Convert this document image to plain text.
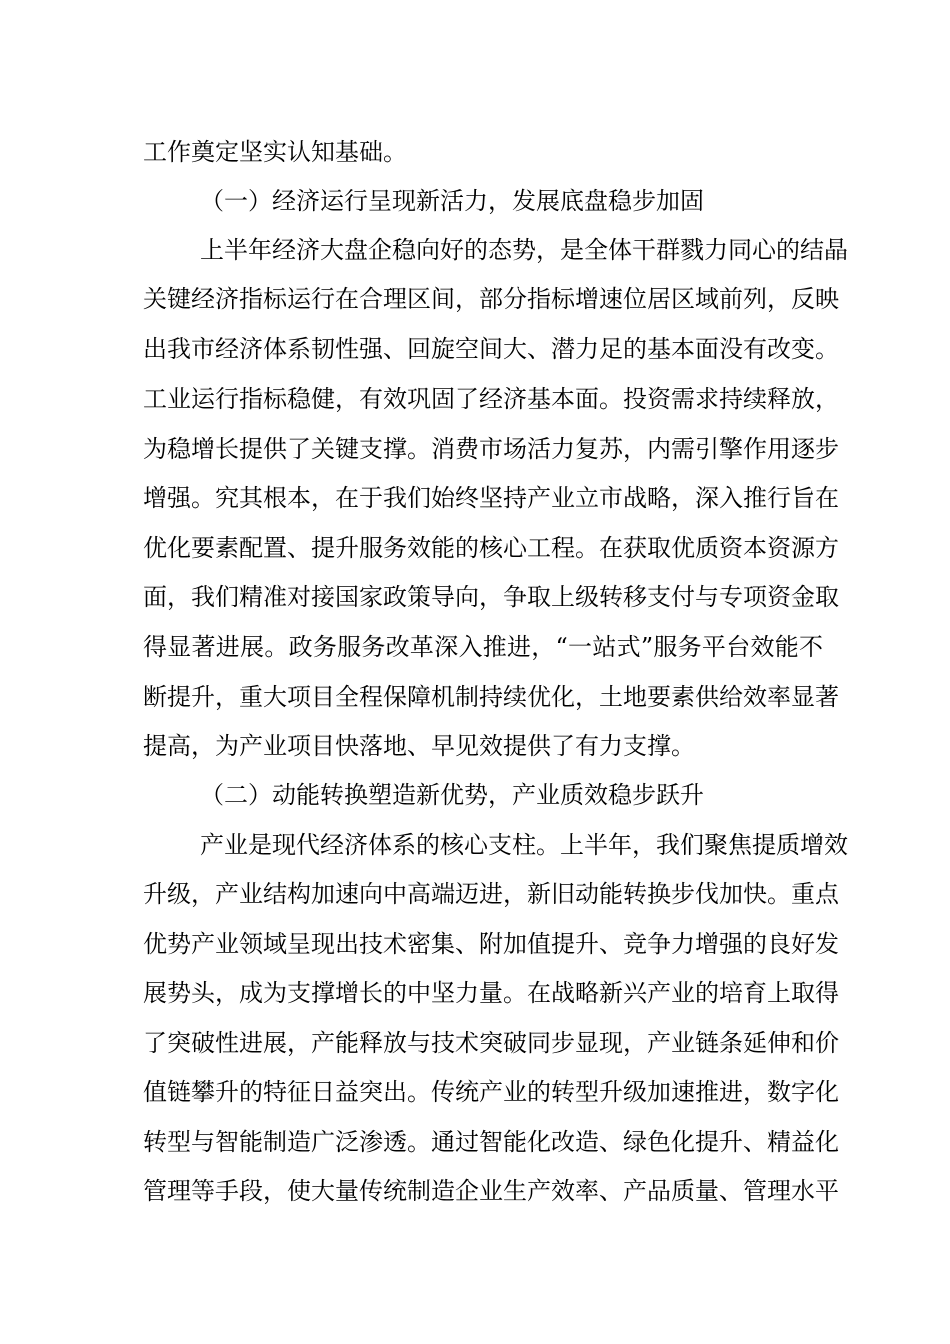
工作奠定坚实认知基础。

（一）经济运行呈现新活力，发展底盘稳步加固

上半年经济大盘企稳向好的态势，是全体干群戮力同心的结晶

关键经济指标运行在合理区间，部分指标增速位居区域前列，反映

出我市经济体系韧性强、回旋空间大、潜力足的基本面没有改变。

工业运行指标稳健，有效巩固了经济基本面。投资需求持续释放，

为稳增长提供了关键支撑。消费市场活力复苏，内需引擎作用逐步

增强。究其根本，在于我们始终坚持产业立市战略，深入推行旨在

优化要素配置、提升服务效能的核心工程。在获取优质资本资源方

面，我们精准对接国家政策导向，争取上级转移支付与专项资金取

得显著进展。政务服务改革深入推进，“一站式”服务平台效能不

断提升，重大项目全程保障机制持续优化，土地要素供给效率显著

提高，为产业项目快落地、早见效提供了有力支撑。

（二）动能转换塑造新优势，产业质效稳步跃升

产业是现代经济体系的核心支柱。上半年，我们聚焦提质增效

升级，产业结构加速向中高端迈进，新旧动能转换步伐加快。重点

优势产业领域呈现出技术密集、附加值提升、竞争力增强的良好发

展势头，成为支撑增长的中坚力量。在战略新兴产业的培育上取得

了突破性进展，产能释放与技术突破同步显现，产业链条延伸和价

值链攀升的特征日益突出。传统产业的转型升级加速推进，数字化

转型与智能制造广泛渗透。通过智能化改造、绿色化提升、精益化

管理等手段，使大量传统制造企业生产效率、产品质量、管理水平
